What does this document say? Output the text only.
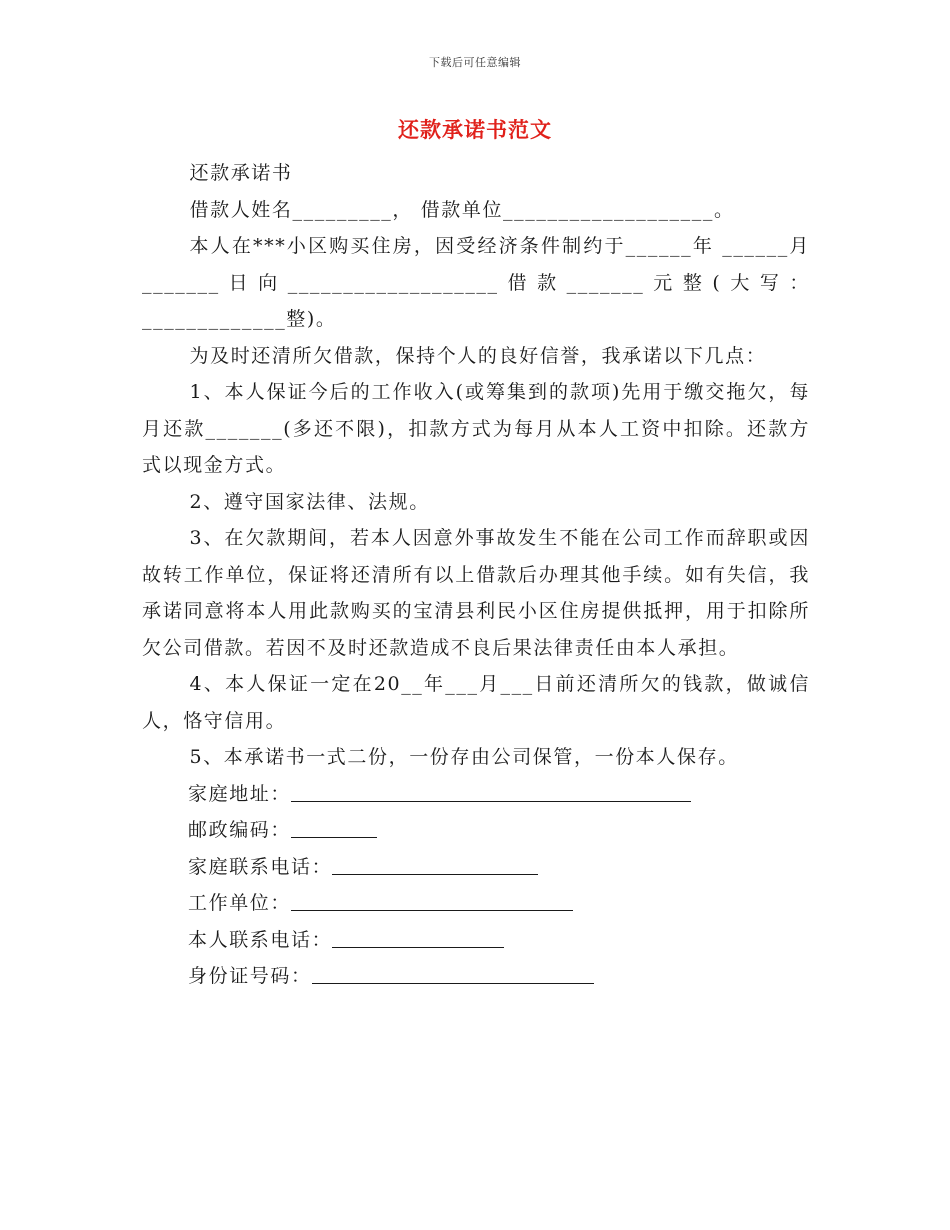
下载后可任意编辑
还款承诺书范文

还款承诺书

借款人姓名_________， 借款单位___________________。

本人在***小区购买住房，因受经济条件制约于______年 ______月 _______日向___________________借款_______元整(大写：_____________整)。

为及时还清所欠借款，保持个人的良好信誉，我承诺以下几点：

1、本人保证今后的工作收入(或筹集到的款项)先用于缴交拖欠，每月还款_______(多还不限)，扣款方式为每月从本人工资中扣除。还款方式以现金方式。

2、遵守国家法律、法规。

3、在欠款期间，若本人因意外事故发生不能在公司工作而辞职或因故转工作单位，保证将还清所有以上借款后办理其他手续。如有失信，我承诺同意将本人用此款购买的宝清县利民小区住房提供抵押，用于扣除所欠公司借款。若因不及时还款造成不良后果法律责任由本人承担。

4、本人保证一定在20__年___月___日前还清所欠的钱款，做诚信人，恪守信用。

5、本承诺书一式二份，一份存由公司保管，一份本人保存。

家庭地址：
邮政编码：
家庭联系电话：
工作单位：
本人联系电话：
身份证号码：
